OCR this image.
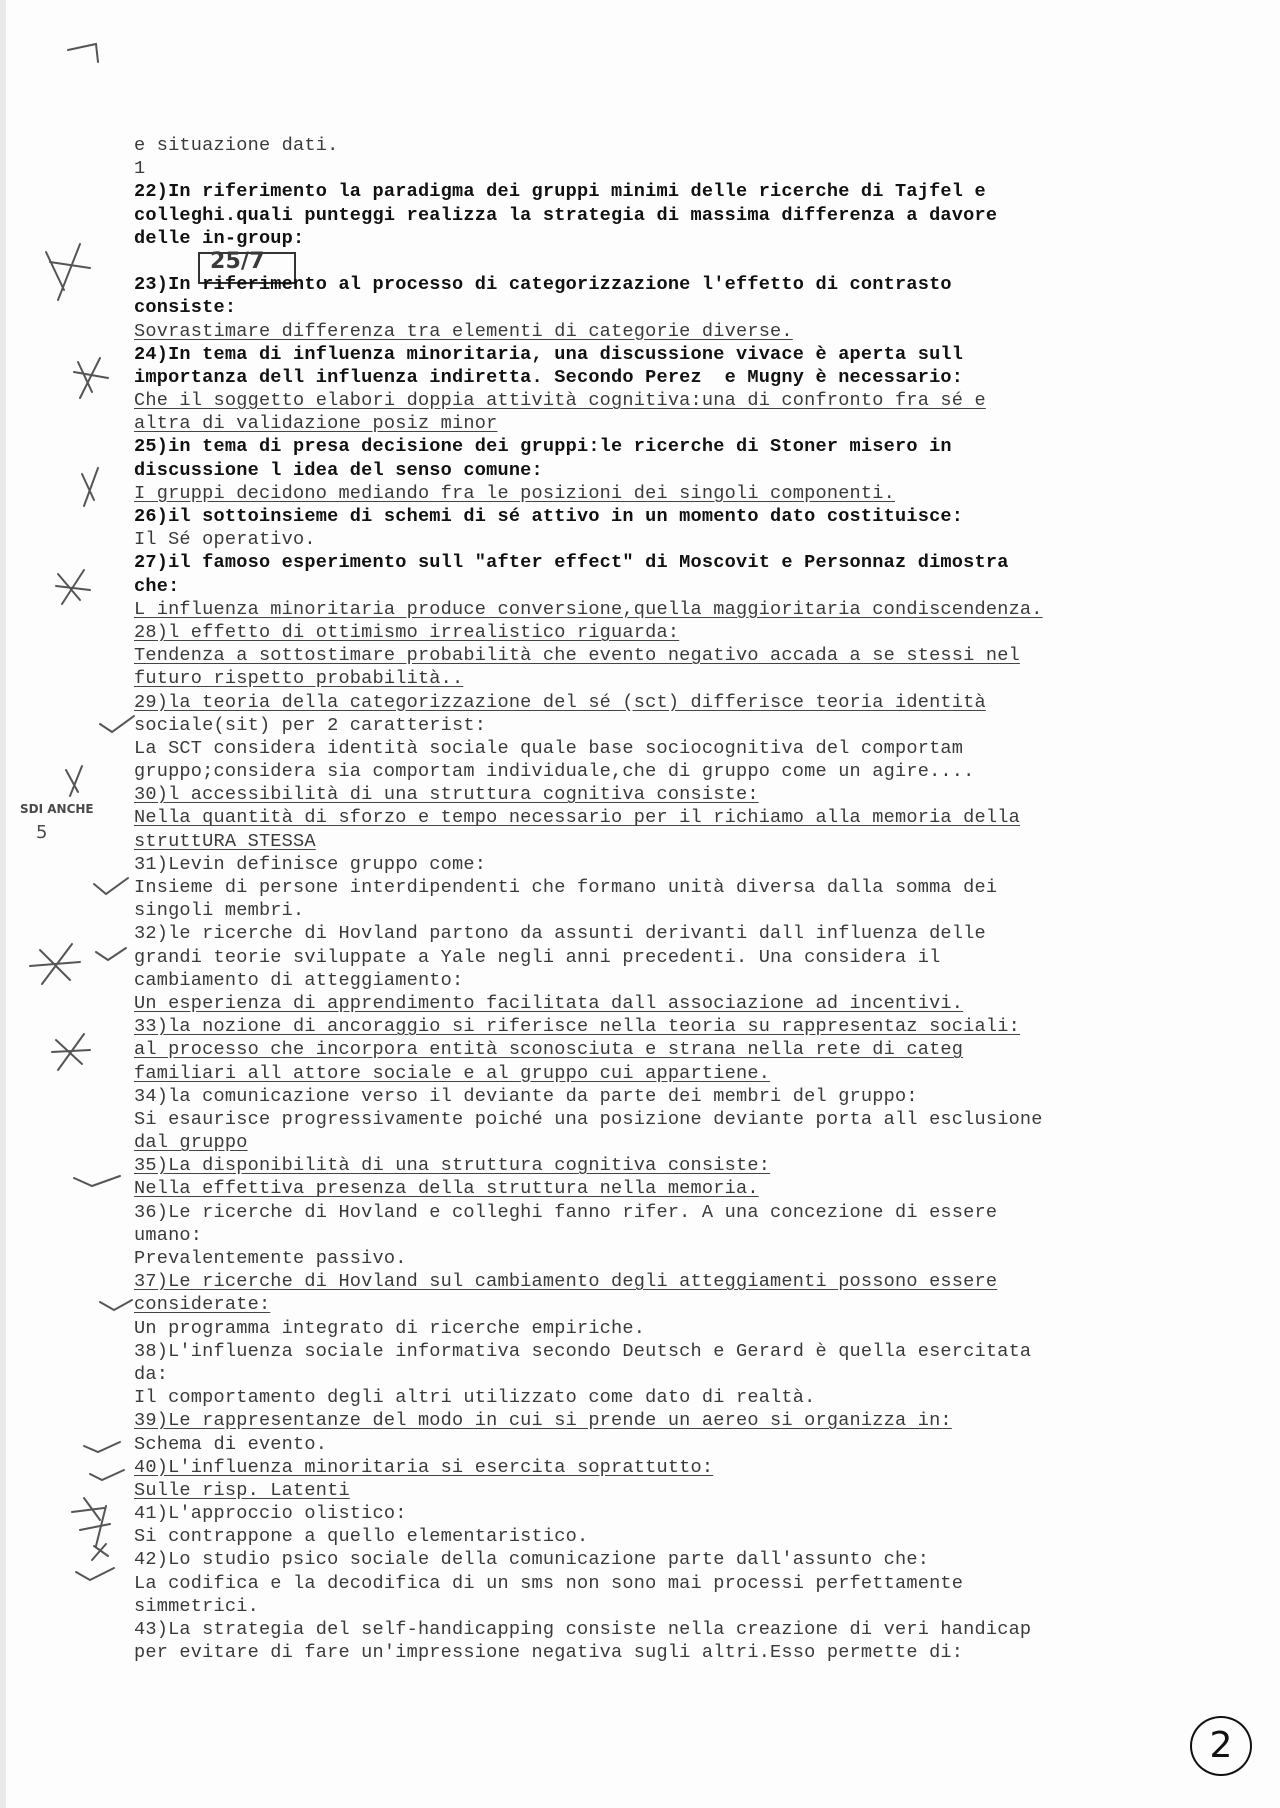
SDI ANCHE
5
e situazione dati.
1
22)In riferimento la paradigma dei gruppi minimi delle ricerche di Tajfel e
colleghi.quali punteggi realizza la strategia di massima differenza a davore
delle in-group:
25/7
23)In riferimento al processo di categorizzazione l'effetto di contrasto
consiste:
Sovrastimare differenza tra elementi di categorie diverse.
24)In tema di influenza minoritaria, una discussione vivace è aperta sull
importanza dell influenza indiretta. Secondo Perez  e Mugny è necessario:
Che il soggetto elabori doppia attività cognitiva:una di confronto fra sé e
altra di validazione posiz minor
25)in tema di presa decisione dei gruppi:le ricerche di Stoner misero in
discussione l idea del senso comune:
I gruppi decidono mediando fra le posizioni dei singoli componenti.
26)il sottoinsieme di schemi di sé attivo in un momento dato costituisce:
Il Sé operativo.
27)il famoso esperimento sull "after effect" di Moscovit e Personnaz dimostra
che:
L influenza minoritaria produce conversione,quella maggioritaria condiscendenza.
28)l effetto di ottimismo irrealistico riguarda:
Tendenza a sottostimare probabilità che evento negativo accada a se stessi nel
futuro rispetto probabilità..
29)la teoria della categorizzazione del sé (sct) differisce teoria identità
sociale(sit) per 2 caratterist:
La SCT considera identità sociale quale base sociocognitiva del comportam
gruppo;considera sia comportam individuale,che di gruppo come un agire....
30)l accessibilità di una struttura cognitiva consiste:
Nella quantità di sforzo e tempo necessario per il richiamo alla memoria della
struttURA STESSA
31)Levin definisce gruppo come:
Insieme di persone interdipendenti che formano unità diversa dalla somma dei
singoli membri.
32)le ricerche di Hovland partono da assunti derivanti dall influenza delle
grandi teorie sviluppate a Yale negli anni precedenti. Una considera il
cambiamento di atteggiamento:
Un esperienza di apprendimento facilitata dall associazione ad incentivi.
33)la nozione di ancoraggio si riferisce nella teoria su rappresentaz sociali:
al processo che incorpora entità sconosciuta e strana nella rete di categ
familiari all attore sociale e al gruppo cui appartiene.
34)la comunicazione verso il deviante da parte dei membri del gruppo:
Si esaurisce progressivamente poiché una posizione deviante porta all esclusione
dal gruppo
35)La disponibilità di una struttura cognitiva consiste:
Nella effettiva presenza della struttura nella memoria.
36)Le ricerche di Hovland e colleghi fanno rifer. A una concezione di essere
umano:
Prevalentemente passivo.
37)Le ricerche di Hovland sul cambiamento degli atteggiamenti possono essere
considerate:
Un programma integrato di ricerche empiriche.
38)L'influenza sociale informativa secondo Deutsch e Gerard è quella esercitata
da:
Il comportamento degli altri utilizzato come dato di realtà.
39)Le rappresentanze del modo in cui si prende un aereo si organizza in:
Schema di evento.
40)L'influenza minoritaria si esercita soprattutto:
Sulle risp. Latenti
41)L'approccio olistico:
Si contrappone a quello elementaristico.
42)Lo studio psico sociale della comunicazione parte dall'assunto che:
La codifica e la decodifica di un sms non sono mai processi perfettamente
simmetrici.
43)La strategia del self-handicapping consiste nella creazione di veri handicap
per evitare di fare un'impressione negativa sugli altri.Esso permette di:
2
